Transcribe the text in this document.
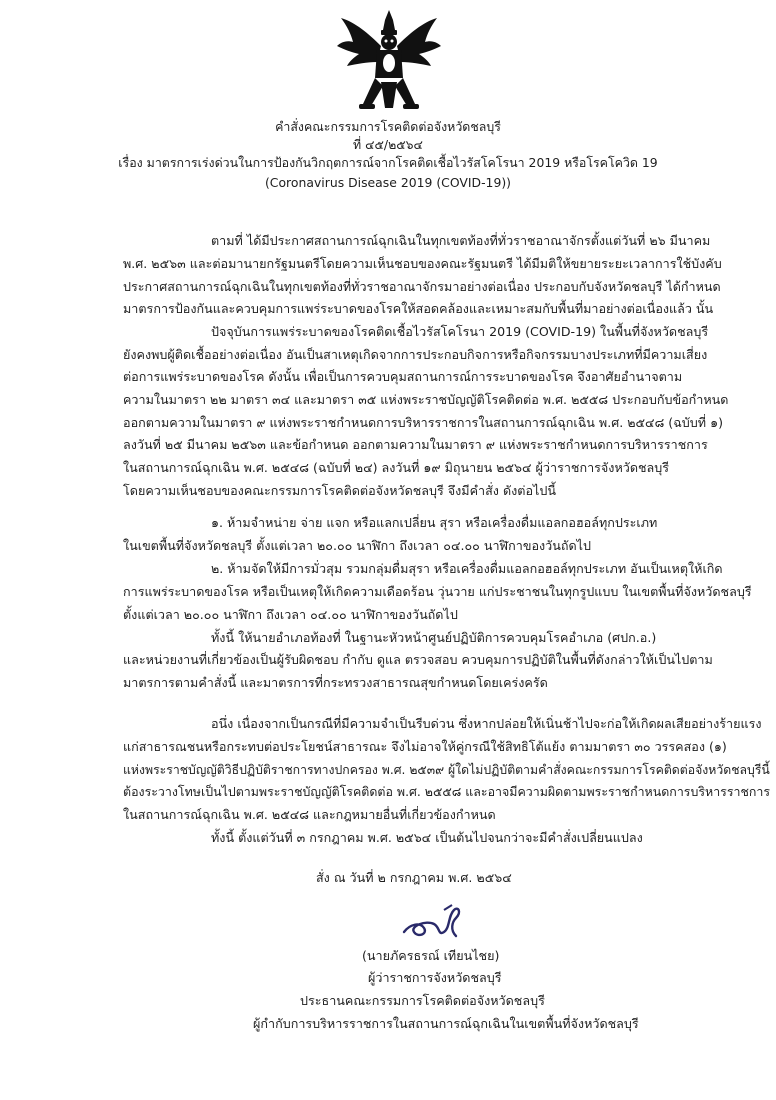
คำสั่งคณะกรรมการโรคติดต่อจังหวัดชลบุรี
ที่ ๔๕/๒๕๖๔
เรื่อง มาตรการเร่งด่วนในการป้องกันวิกฤตการณ์จากโรคติดเชื้อไวรัสโคโรนา 2019 หรือโรคโควิด 19
(Coronavirus Disease 2019 (COVID-19))
ตามที่ ได้มีประกาศสถานการณ์ฉุกเฉินในทุกเขตท้องที่ทั่วราชอาณาจักรตั้งแต่วันที่ ๒๖ มีนาคม
พ.ศ. ๒๕๖๓ และต่อมานายกรัฐมนตรีโดยความเห็นชอบของคณะรัฐมนตรี ได้มีมติให้ขยายระยะเวลาการใช้บังคับ
ประกาศสถานการณ์ฉุกเฉินในทุกเขตท้องที่ทั่วราชอาณาจักรมาอย่างต่อเนื่อง ประกอบกับจังหวัดชลบุรี ได้กำหนด
มาตรการป้องกันและควบคุมการแพร่ระบาดของโรคให้สอดคล้องและเหมาะสมกับพื้นที่มาอย่างต่อเนื่องแล้ว นั้น
ปัจจุบันการแพร่ระบาดของโรคติดเชื้อไวรัสโคโรนา 2019 (COVID-19) ในพื้นที่จังหวัดชลบุรี
ยังคงพบผู้ติดเชื้ออย่างต่อเนื่อง อันเป็นสาเหตุเกิดจากการประกอบกิจการหรือกิจกรรมบางประเภทที่มีความเสี่ยง
ต่อการแพร่ระบาดของโรค ดังนั้น เพื่อเป็นการควบคุมสถานการณ์การระบาดของโรค จึงอาศัยอำนาจตาม
ความในมาตรา ๒๒ มาตรา ๓๔ และมาตรา ๓๕ แห่งพระราชบัญญัติโรคติดต่อ พ.ศ. ๒๕๕๘ ประกอบกับข้อกำหนด
ออกตามความในมาตรา ๙ แห่งพระราชกำหนดการบริหารราชการในสถานการณ์ฉุกเฉิน พ.ศ. ๒๕๔๘ (ฉบับที่ ๑)
ลงวันที่ ๒๕ มีนาคม ๒๕๖๓ และข้อกำหนด ออกตามความในมาตรา ๙ แห่งพระราชกำหนดการบริหารราชการ
ในสถานการณ์ฉุกเฉิน พ.ศ. ๒๕๔๘ (ฉบับที่ ๒๔) ลงวันที่ ๑๙ มิถุนายน ๒๕๖๔ ผู้ว่าราชการจังหวัดชลบุรี
โดยความเห็นชอบของคณะกรรมการโรคติดต่อจังหวัดชลบุรี จึงมีคำสั่ง ดังต่อไปนี้
๑. ห้ามจำหน่าย จ่าย แจก หรือแลกเปลี่ยน สุรา หรือเครื่องดื่มแอลกอฮอล์ทุกประเภท
ในเขตพื้นที่จังหวัดชลบุรี ตั้งแต่เวลา ๒๐.๐๐ นาฬิกา ถึงเวลา ๐๔.๐๐ นาฬิกาของวันถัดไป
๒. ห้ามจัดให้มีการมั่วสุม รวมกลุ่มดื่มสุรา หรือเครื่องดื่มแอลกอฮอล์ทุกประเภท อันเป็นเหตุให้เกิด
การแพร่ระบาดของโรค หรือเป็นเหตุให้เกิดความเดือดร้อน วุ่นวาย แก่ประชาชนในทุกรูปแบบ ในเขตพื้นที่จังหวัดชลบุรี
ตั้งแต่เวลา ๒๐.๐๐ นาฬิกา ถึงเวลา ๐๔.๐๐ นาฬิกาของวันถัดไป
ทั้งนี้ ให้นายอำเภอท้องที่ ในฐานะหัวหน้าศูนย์ปฏิบัติการควบคุมโรคอำเภอ (ศปก.อ.)
และหน่วยงานที่เกี่ยวข้องเป็นผู้รับผิดชอบ กำกับ ดูแล ตรวจสอบ ควบคุมการปฏิบัติในพื้นที่ดังกล่าวให้เป็นไปตาม
มาตรการตามคำสั่งนี้ และมาตรการที่กระทรวงสาธารณสุขกำหนดโดยเคร่งครัด
อนึ่ง เนื่องจากเป็นกรณีที่มีความจำเป็นรีบด่วน ซึ่งหากปล่อยให้เนิ่นช้าไปจะก่อให้เกิดผลเสียอย่างร้ายแรง
แก่สาธารณชนหรือกระทบต่อประโยชน์สาธารณะ จึงไม่อาจให้คู่กรณีใช้สิทธิโต้แย้ง ตามมาตรา ๓๐ วรรคสอง (๑)
แห่งพระราชบัญญัติวิธีปฏิบัติราชการทางปกครอง พ.ศ. ๒๕๓๙ ผู้ใดไม่ปฏิบัติตามคำสั่งคณะกรรมการโรคติดต่อจังหวัดชลบุรีนี้
ต้องระวางโทษเป็นไปตามพระราชบัญญัติโรคติดต่อ พ.ศ. ๒๕๕๘ และอาจมีความผิดตามพระราชกำหนดการบริหารราชการ
ในสถานการณ์ฉุกเฉิน พ.ศ. ๒๕๔๘ และกฎหมายอื่นที่เกี่ยวข้องกำหนด
ทั้งนี้ ตั้งแต่วันที่ ๓ กรกฎาคม พ.ศ. ๒๕๖๔ เป็นต้นไปจนกว่าจะมีคำสั่งเปลี่ยนแปลง
สั่ง ณ วันที่ ๒ กรกฎาคม พ.ศ. ๒๕๖๔
(นายภัครธรณ์ เทียนไชย)
ผู้ว่าราชการจังหวัดชลบุรี
ประธานคณะกรรมการโรคติดต่อจังหวัดชลบุรี
ผู้กำกับการบริหารราชการในสถานการณ์ฉุกเฉินในเขตพื้นที่จังหวัดชลบุรี
